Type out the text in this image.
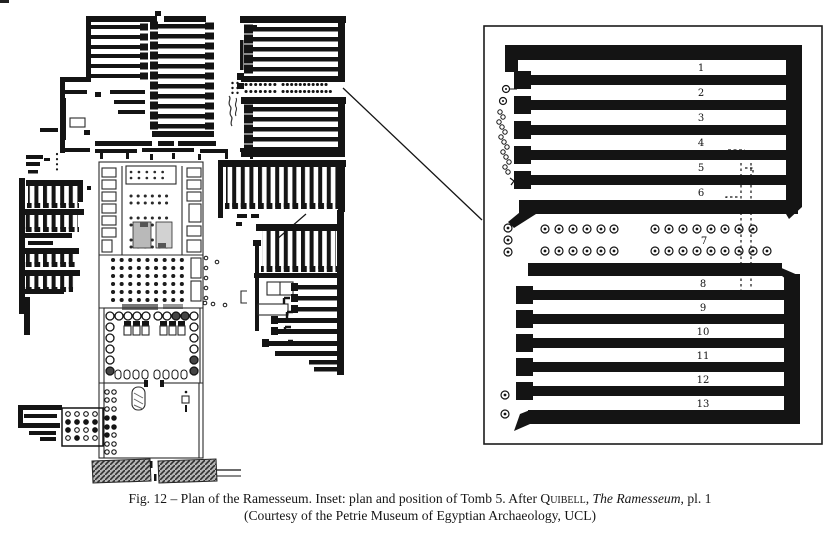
1
2
3
4
5
6
7
8
9
10
11
12
13
Fig. 12 – Plan of the Ramesseum. Inset: plan and position of Tomb 5. After Quibell, The Ramesseum, pl. 1
(Courtesy of the Petrie Museum of Egyptian Archaeology, UCL)
